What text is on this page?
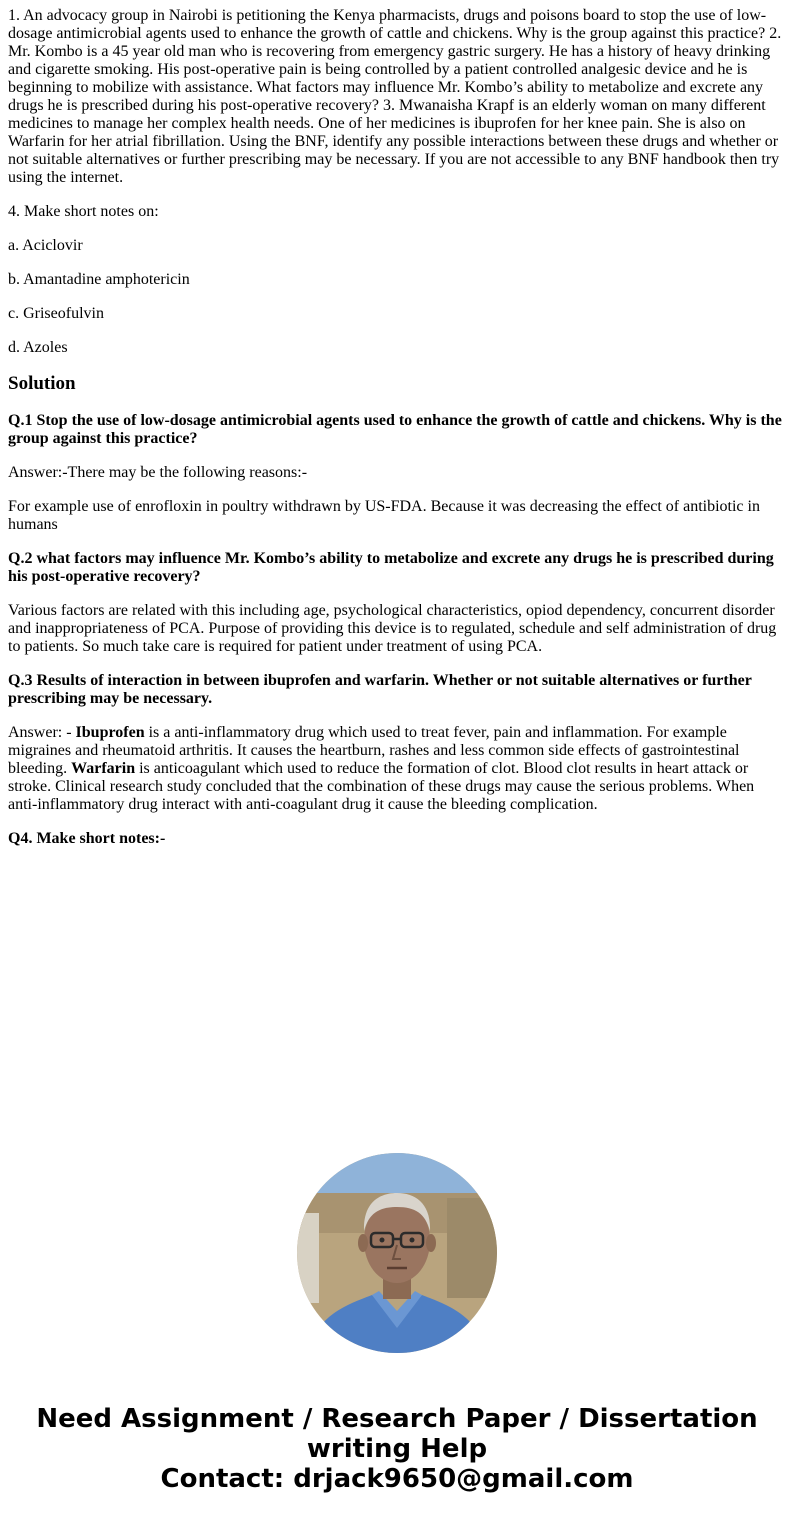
1. An advocacy group in Nairobi is petitioning the Kenya pharmacists, drugs and poisons board to stop the use of low-dosage antimicrobial agents used to enhance the growth of cattle and chickens. Why is the group against this practice? 2. Mr. Kombo is a 45 year old man who is recovering from emergency gastric surgery. He has a history of heavy drinking and cigarette smoking. His post-operative pain is being controlled by a patient controlled analgesic device and he is beginning to mobilize with assistance. What factors may influence Mr. Kombo’s ability to metabolize and excrete any drugs he is prescribed during his post-operative recovery? 3. Mwanaisha Krapf is an elderly woman on many different medicines to manage her complex health needs. One of her medicines is ibuprofen for her knee pain. She is also on Warfarin for her atrial fibrillation. Using the BNF, identify any possible interactions between these drugs and whether or not suitable alternatives or further prescribing may be necessary. If you are not accessible to any BNF handbook then try using the internet.

4. Make short notes on:

a. Aciclovir

b. Amantadine amphotericin

c. Griseofulvin

d. Azoles

Solution

Q.1 Stop the use of low-dosage antimicrobial agents used to enhance the growth of cattle and chickens. Why is the group against this practice?

Answer:-There may be the following reasons:-

For example use of enrofloxin in poultry withdrawn by US-FDA. Because it was decreasing the effect of antibiotic in humans

Q.2 what factors may influence Mr. Kombo’s ability to metabolize and excrete any drugs he is prescribed during his post-operative recovery?

Various factors are related with this including age, psychological characteristics, opiod dependency, concurrent disorder and inappropriateness of PCA. Purpose of providing this device is to regulated, schedule and self administration of drug to patients. So much take care is required for patient under treatment of using PCA.

Q.3 Results of interaction in between ibuprofen and warfarin. Whether or not suitable alternatives or further prescribing may be necessary.

Answer: - Ibuprofen is a anti-inflammatory drug which used to treat fever, pain and inflammation. For example migraines and rheumatoid arthritis. It causes the heartburn, rashes and less common side effects of gastrointestinal bleeding. Warfarin is anticoagulant which used to reduce the formation of clot. Blood clot results in heart attack or stroke. Clinical research study concluded that the combination of these drugs may cause the serious problems. When anti-inflammatory drug interact with anti-coagulant drug it cause the bleeding complication.

Q4. Make short notes:-

Need Assignment / Research Paper / Dissertation
writing Help
Contact: drjack9650@gmail.com
